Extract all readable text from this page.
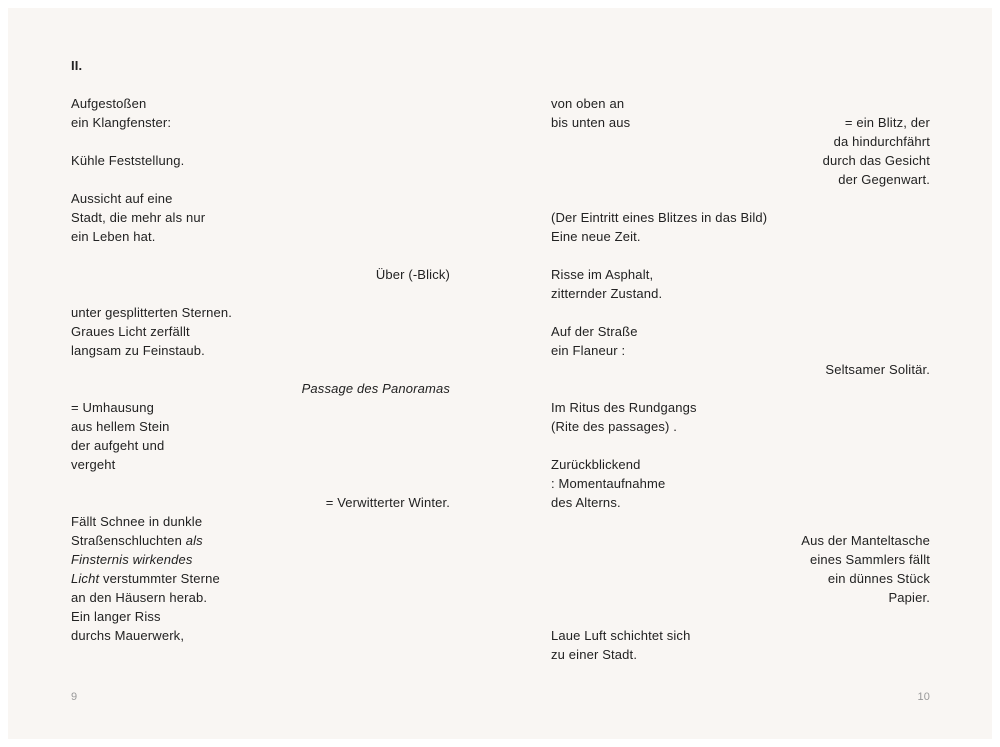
II.
Aufgestoßen
ein Klangfenster:
Kühle Feststellung.
Aussicht auf eine
Stadt, die mehr als nur
ein Leben hat.
Über (-Blick)
unter gesplitterten Sternen.
Graues Licht zerfällt
langsam zu Feinstaub.
Passage des Panoramas
= Umhausung
aus hellem Stein
der aufgeht und
vergeht
= Verwitterter Winter.
Fällt Schnee in dunkle
Straßenschluchten als
Finsternis wirkendes
Licht verstummter Sterne
an den Häusern herab.
Ein langer Riss
durchs Mauerwerk,
von oben an
bis unten aus	= ein Blitz, der
da hindurchfährt
durch das Gesicht
der Gegenwart.
(Der Eintritt eines Blitzes in das Bild)
Eine neue Zeit.
Risse im Asphalt,
zitternder Zustand.
Auf der Straße
ein Flaneur :
Seltsamer Solitär.
Im Ritus des Rundgangs
(Rite des passages) .
Zurückblickend
: Momentaufnahme
des Alterns.
Aus der Manteltasche
eines Sammlers fällt
ein dünnes Stück
Papier.
Laue Luft schichtet sich
zu einer Stadt.
9	10
